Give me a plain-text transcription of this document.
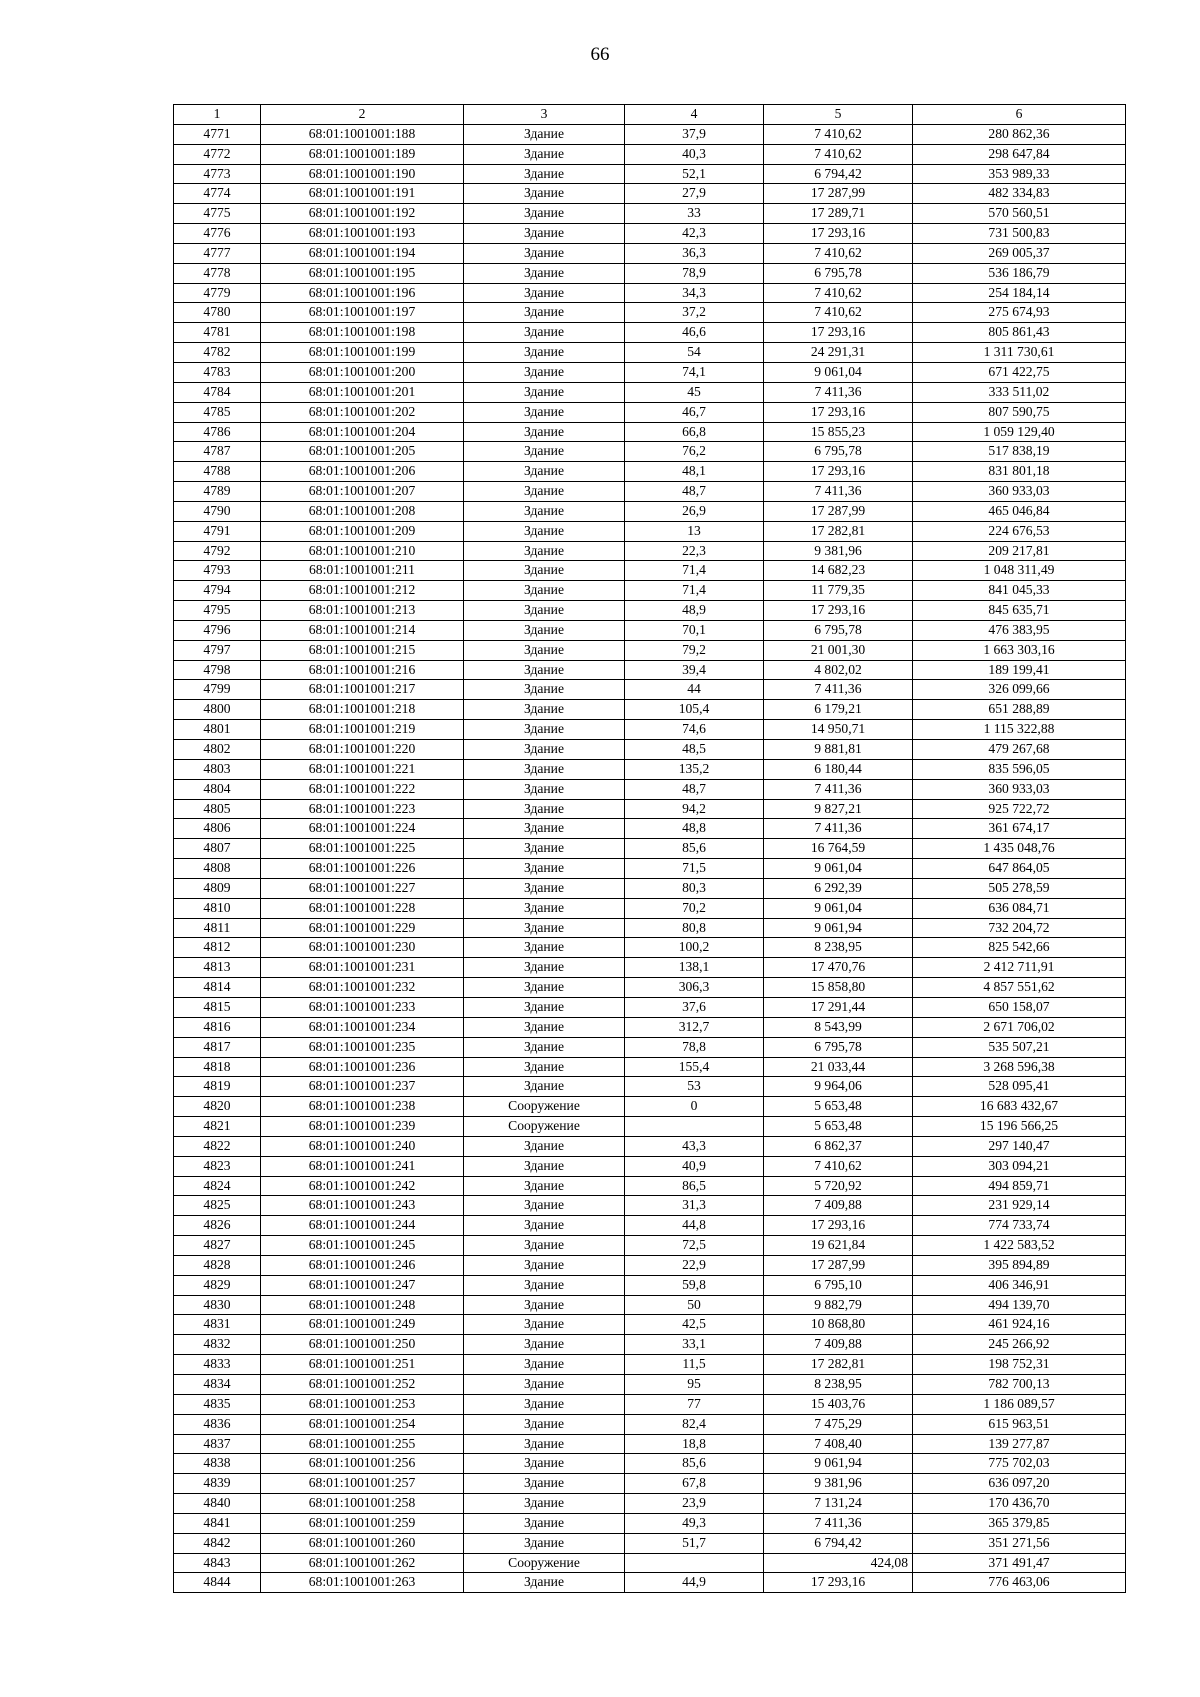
66
1	2	3	4	5	6
4771	68:01:1001001:188	Здание	37,9	7 410,62	280 862,36
4772	68:01:1001001:189	Здание	40,3	7 410,62	298 647,84
4773	68:01:1001001:190	Здание	52,1	6 794,42	353 989,33
4774	68:01:1001001:191	Здание	27,9	17 287,99	482 334,83
4775	68:01:1001001:192	Здание	33	17 289,71	570 560,51
4776	68:01:1001001:193	Здание	42,3	17 293,16	731 500,83
4777	68:01:1001001:194	Здание	36,3	7 410,62	269 005,37
4778	68:01:1001001:195	Здание	78,9	6 795,78	536 186,79
4779	68:01:1001001:196	Здание	34,3	7 410,62	254 184,14
4780	68:01:1001001:197	Здание	37,2	7 410,62	275 674,93
4781	68:01:1001001:198	Здание	46,6	17 293,16	805 861,43
4782	68:01:1001001:199	Здание	54	24 291,31	1 311 730,61
4783	68:01:1001001:200	Здание	74,1	9 061,04	671 422,75
4784	68:01:1001001:201	Здание	45	7 411,36	333 511,02
4785	68:01:1001001:202	Здание	46,7	17 293,16	807 590,75
4786	68:01:1001001:204	Здание	66,8	15 855,23	1 059 129,40
4787	68:01:1001001:205	Здание	76,2	6 795,78	517 838,19
4788	68:01:1001001:206	Здание	48,1	17 293,16	831 801,18
4789	68:01:1001001:207	Здание	48,7	7 411,36	360 933,03
4790	68:01:1001001:208	Здание	26,9	17 287,99	465 046,84
4791	68:01:1001001:209	Здание	13	17 282,81	224 676,53
4792	68:01:1001001:210	Здание	22,3	9 381,96	209 217,81
4793	68:01:1001001:211	Здание	71,4	14 682,23	1 048 311,49
4794	68:01:1001001:212	Здание	71,4	11 779,35	841 045,33
4795	68:01:1001001:213	Здание	48,9	17 293,16	845 635,71
4796	68:01:1001001:214	Здание	70,1	6 795,78	476 383,95
4797	68:01:1001001:215	Здание	79,2	21 001,30	1 663 303,16
4798	68:01:1001001:216	Здание	39,4	4 802,02	189 199,41
4799	68:01:1001001:217	Здание	44	7 411,36	326 099,66
4800	68:01:1001001:218	Здание	105,4	6 179,21	651 288,89
4801	68:01:1001001:219	Здание	74,6	14 950,71	1 115 322,88
4802	68:01:1001001:220	Здание	48,5	9 881,81	479 267,68
4803	68:01:1001001:221	Здание	135,2	6 180,44	835 596,05
4804	68:01:1001001:222	Здание	48,7	7 411,36	360 933,03
4805	68:01:1001001:223	Здание	94,2	9 827,21	925 722,72
4806	68:01:1001001:224	Здание	48,8	7 411,36	361 674,17
4807	68:01:1001001:225	Здание	85,6	16 764,59	1 435 048,76
4808	68:01:1001001:226	Здание	71,5	9 061,04	647 864,05
4809	68:01:1001001:227	Здание	80,3	6 292,39	505 278,59
4810	68:01:1001001:228	Здание	70,2	9 061,04	636 084,71
4811	68:01:1001001:229	Здание	80,8	9 061,94	732 204,72
4812	68:01:1001001:230	Здание	100,2	8 238,95	825 542,66
4813	68:01:1001001:231	Здание	138,1	17 470,76	2 412 711,91
4814	68:01:1001001:232	Здание	306,3	15 858,80	4 857 551,62
4815	68:01:1001001:233	Здание	37,6	17 291,44	650 158,07
4816	68:01:1001001:234	Здание	312,7	8 543,99	2 671 706,02
4817	68:01:1001001:235	Здание	78,8	6 795,78	535 507,21
4818	68:01:1001001:236	Здание	155,4	21 033,44	3 268 596,38
4819	68:01:1001001:237	Здание	53	9 964,06	528 095,41
4820	68:01:1001001:238	Сооружение	0	5 653,48	16 683 432,67
4821	68:01:1001001:239	Сооружение		5 653,48	15 196 566,25
4822	68:01:1001001:240	Здание	43,3	6 862,37	297 140,47
4823	68:01:1001001:241	Здание	40,9	7 410,62	303 094,21
4824	68:01:1001001:242	Здание	86,5	5 720,92	494 859,71
4825	68:01:1001001:243	Здание	31,3	7 409,88	231 929,14
4826	68:01:1001001:244	Здание	44,8	17 293,16	774 733,74
4827	68:01:1001001:245	Здание	72,5	19 621,84	1 422 583,52
4828	68:01:1001001:246	Здание	22,9	17 287,99	395 894,89
4829	68:01:1001001:247	Здание	59,8	6 795,10	406 346,91
4830	68:01:1001001:248	Здание	50	9 882,79	494 139,70
4831	68:01:1001001:249	Здание	42,5	10 868,80	461 924,16
4832	68:01:1001001:250	Здание	33,1	7 409,88	245 266,92
4833	68:01:1001001:251	Здание	11,5	17 282,81	198 752,31
4834	68:01:1001001:252	Здание	95	8 238,95	782 700,13
4835	68:01:1001001:253	Здание	77	15 403,76	1 186 089,57
4836	68:01:1001001:254	Здание	82,4	7 475,29	615 963,51
4837	68:01:1001001:255	Здание	18,8	7 408,40	139 277,87
4838	68:01:1001001:256	Здание	85,6	9 061,94	775 702,03
4839	68:01:1001001:257	Здание	67,8	9 381,96	636 097,20
4840	68:01:1001001:258	Здание	23,9	7 131,24	170 436,70
4841	68:01:1001001:259	Здание	49,3	7 411,36	365 379,85
4842	68:01:1001001:260	Здание	51,7	6 794,42	351 271,56
4843	68:01:1001001:262	Сооружение		424,08	371 491,47
4844	68:01:1001001:263	Здание	44,9	17 293,16	776 463,06
